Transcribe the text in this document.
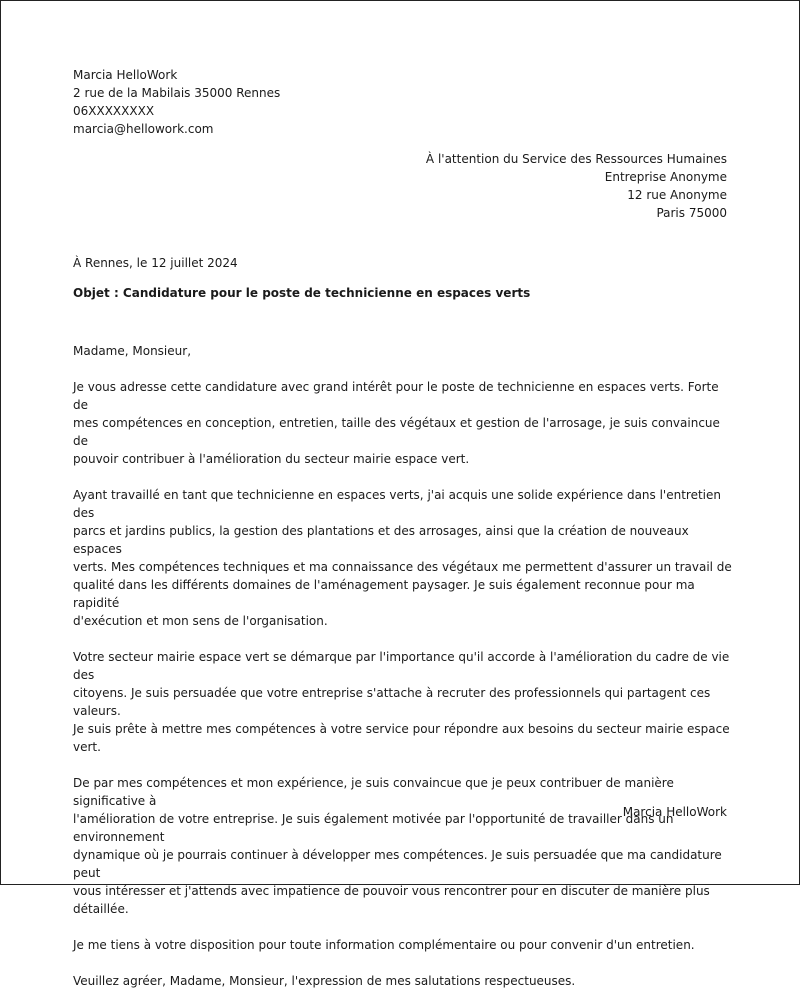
Marcia HelloWork
2 rue de la Mabilais 35000 Rennes
06XXXXXXXX
marcia@hellowork.com
À l'attention du Service des Ressources Humaines
Entreprise Anonyme
12 rue Anonyme
Paris 75000
À Rennes, le 12 juillet 2024
Objet : Candidature pour le poste de technicienne en espaces verts

Madame, Monsieur,

Je vous adresse cette candidature avec grand intérêt pour le poste de technicienne en espaces verts. Forte de
mes compétences en conception, entretien, taille des végétaux et gestion de l'arrosage, je suis convaincue de
pouvoir contribuer à l'amélioration du secteur mairie espace vert.

Ayant travaillé en tant que technicienne en espaces verts, j'ai acquis une solide expérience dans l'entretien des
parcs et jardins publics, la gestion des plantations et des arrosages, ainsi que la création de nouveaux espaces
verts. Mes compétences techniques et ma connaissance des végétaux me permettent d'assurer un travail de
qualité dans les différents domaines de l'aménagement paysager. Je suis également reconnue pour ma rapidité
d'exécution et mon sens de l'organisation.

Votre secteur mairie espace vert se démarque par l'importance qu'il accorde à l'amélioration du cadre de vie des
citoyens. Je suis persuadée que votre entreprise s'attache à recruter des professionnels qui partagent ces valeurs.
Je suis prête à mettre mes compétences à votre service pour répondre aux besoins du secteur mairie espace vert.

De par mes compétences et mon expérience, je suis convaincue que je peux contribuer de manière significative à
l'amélioration de votre entreprise. Je suis également motivée par l'opportunité de travailler dans un environnement
dynamique où je pourrais continuer à développer mes compétences. Je suis persuadée que ma candidature peut
vous intéresser et j'attends avec impatience de pouvoir vous rencontrer pour en discuter de manière plus détaillée.

Je me tiens à votre disposition pour toute information complémentaire ou pour convenir d'un entretien.

Veuillez agréer, Madame, Monsieur, l'expression de mes salutations respectueuses.

Marcia HelloWork
